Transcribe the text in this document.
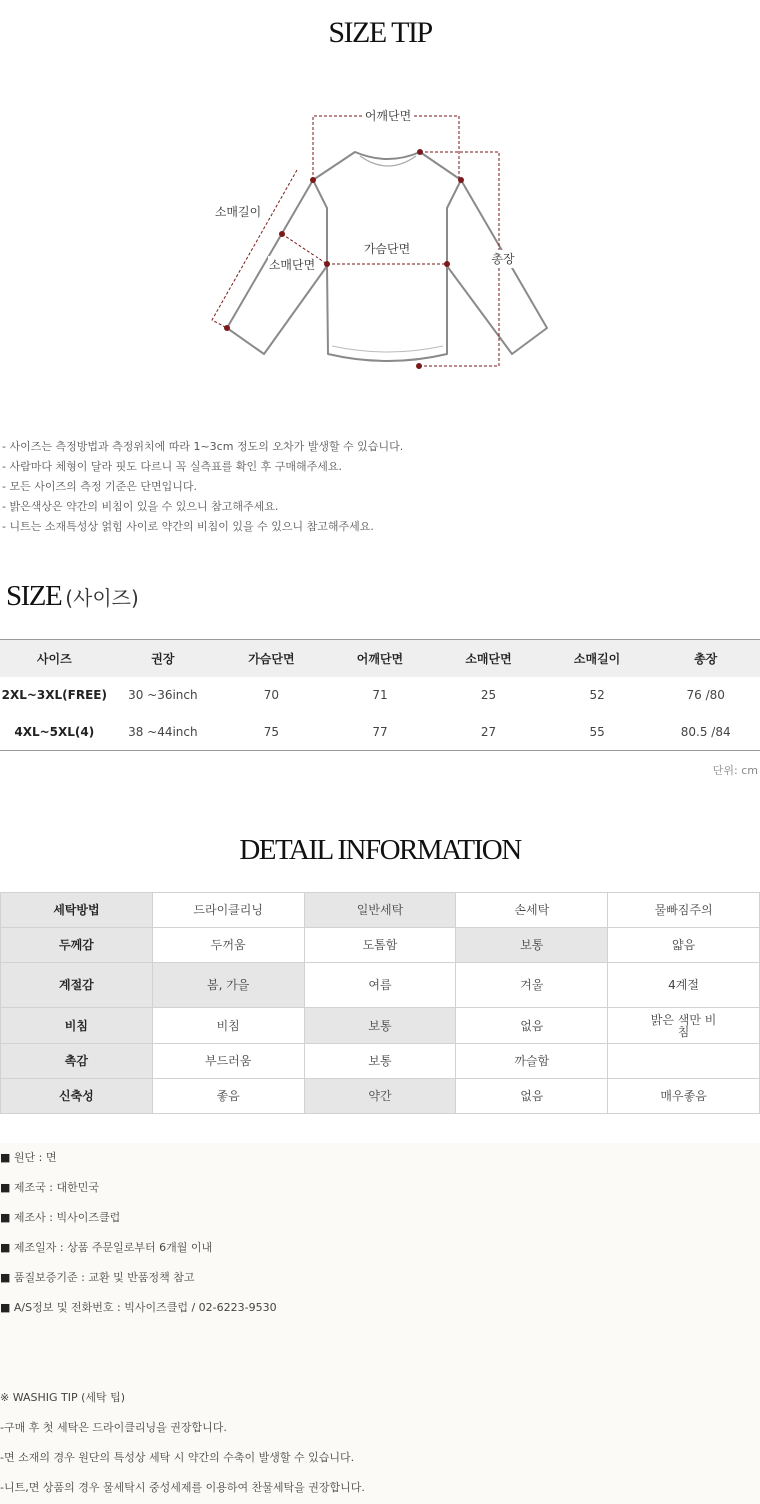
SIZE TIP
어깨단면
소매길이
소매단면
가슴단면
총장
- 사이즈는 측정방법과 측정위치에 따라 1~3cm 정도의 오차가 발생할 수 있습니다.
- 사람마다 체형이 달라 핏도 다르니 꼭 실측표를 확인 후 구매해주세요.
- 모든 사이즈의 측정 기준은 단면입니다.
- 밝은색상은 약간의 비침이 있을 수 있으니 참고해주세요.
- 니트는 소재특성상 얽힘 사이로 약간의 비침이 있을 수 있으니 참고해주세요.
SIZE (사이즈)
사이즈	권장	가슴단면	어깨단면	소매단면	소매길이	총장
2XL~3XL(FREE)	30 ~36inch	70	71	25	52	76 /80
4XL~5XL(4)	38 ~44inch	75	77	27	55	80.5 /84
단위: cm
DETAIL INFORMATION
세탁방법	드라이클리닝	일반세탁	손세탁	물빠짐주의
두께감	두꺼움	도톰함	보통	얇음
계절감	봄, 가을	여름	겨울	4계절
비침	비침	보통	없음	밝은 색만 비침
촉감	부드러움	보통	까슬함	
신축성	좋음	약간	없음	매우좋음
■ 원단 : 면
■ 제조국 : 대한민국
■ 제조사 : 빅사이즈클럽
■ 제조일자 : 상품 주문일로부터 6개월 이내
■ 품질보증기준 : 교환 및 반품정책 참고
■ A/S정보 및 전화번호 : 빅사이즈클럽 / 02-6223-9530
※ WASHIG TIP (세탁 팁)
-구매 후 첫 세탁은 드라이클리닝을 권장합니다.
-면 소재의 경우 원단의 특성상 세탁 시 약간의 수축이 발생할 수 있습니다.
-니트,면 상품의 경우 물세탁시 중성세제를 이용하여 찬물세탁을 권장합니다.
